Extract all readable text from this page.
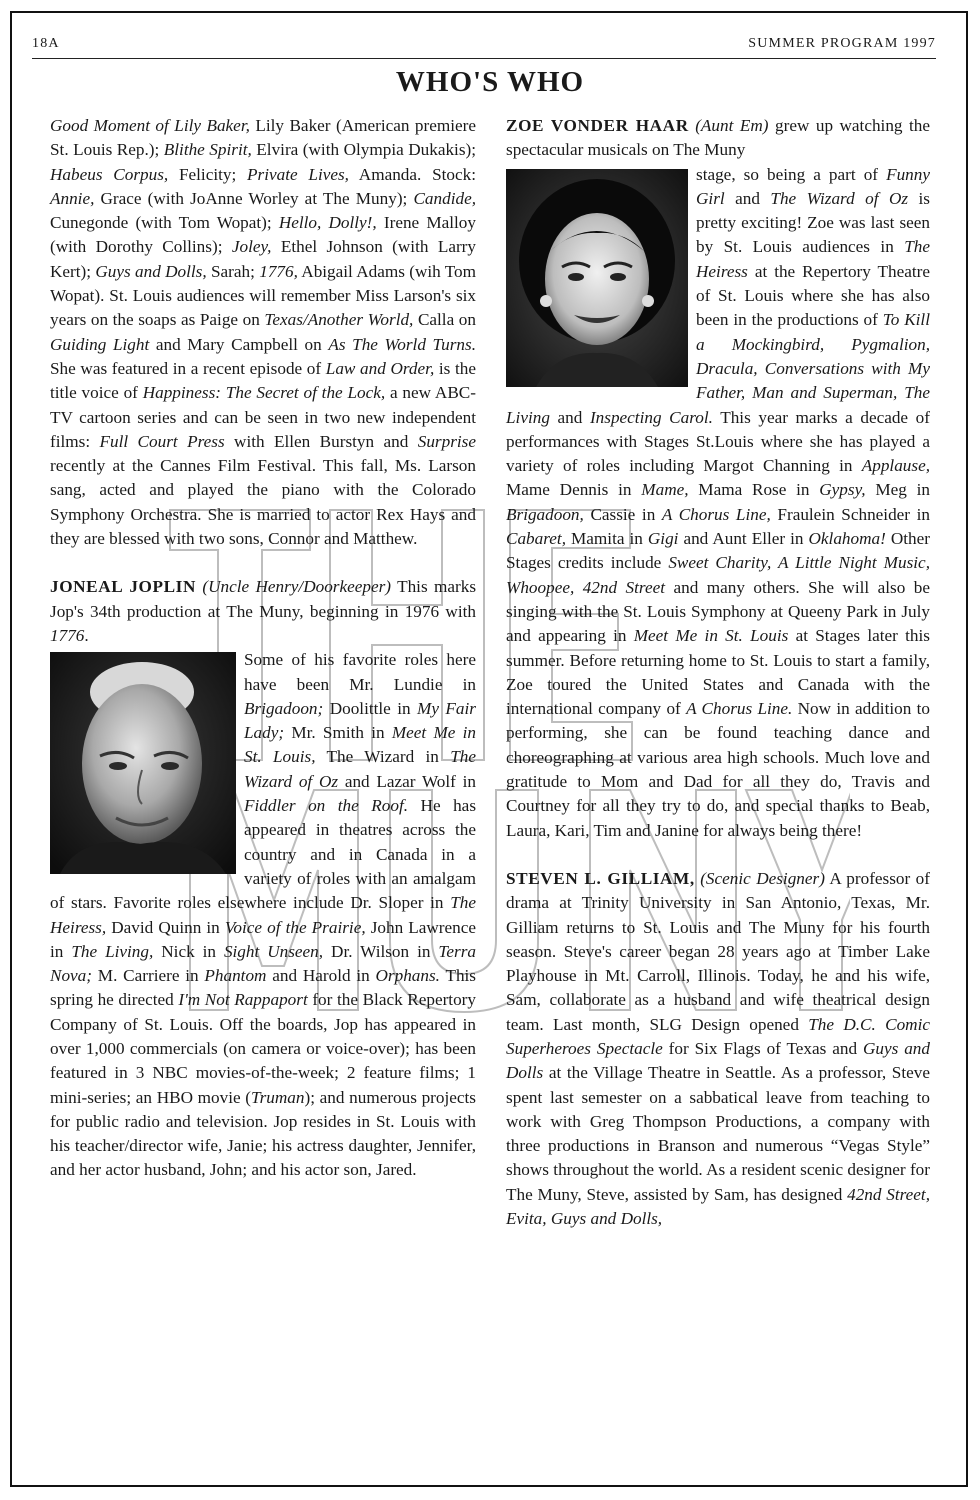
18A	SUMMER PROGRAM 1997
WHO'S WHO

Good Moment of Lily Baker, Lily Baker (American premiere St. Louis Rep.); Blithe Spirit, Elvira (with Olympia Dukakis); Habeus Corpus, Felicity; Private Lives, Amanda. Stock: Annie, Grace (with JoAnne Worley at The Muny); Candide, Cunegonde (with Tom Wopat); Hello, Dolly!, Irene Malloy (with Dorothy Collins); Joley, Ethel Johnson (with Larry Kert); Guys and Dolls, Sarah; 1776, Abigail Adams (wih Tom Wopat). St. Louis audiences will remember Miss Larson's six years on the soaps as Paige on Texas/Another World, Calla on Guiding Light and Mary Campbell on As The World Turns. She was featured in a recent episode of Law and Order, is the title voice of Happiness: The Secret of the Lock, a new ABC-TV cartoon series and can be seen in two new independent films: Full Court Press with Ellen Burstyn and Surprise recently at the Cannes Film Festival. This fall, Ms. Larson sang, acted and played the piano with the Colorado Symphony Orchestra. She is married to actor Rex Hays and they are blessed with two sons, Connor and Matthew.

JONEAL JOPLIN (Uncle Henry/Doorkeeper) This marks Jop's 34th production at The Muny, beginning in 1976 with 1776.

Some of his favorite roles here have been Mr. Lundie in Brigadoon; Doolittle in My Fair Lady; Mr. Smith in Meet Me in St. Louis, The Wizard in The Wizard of Oz and Lazar Wolf in Fiddler on the Roof. He has appeared in theatres across the country and in Canada in a variety of roles with an amalgam of stars. Favorite roles elsewhere include Dr. Sloper in The Heiress, David Quinn in Voice of the Prairie, John Lawrence in The Living, Nick in Sight Unseen, Dr. Wilson in Terra Nova; M. Carriere in Phantom and Harold in Orphans. This spring he directed I'm Not Rappaport for the Black Repertory Company of St. Louis. Off the boards, Jop has appeared in over 1,000 commercials (on camera or voice-over); has been featured in 3 NBC movies-of-the-week; 2 feature films; 1 mini-series; an HBO movie (Truman); and numerous projects for public radio and television. Jop resides in St. Louis with his teacher/director wife, Janie; his actress daughter, Jennifer, and her actor husband, John; and his actor son, Jared.

ZOE VONDER HAAR (Aunt Em) grew up watching the spectacular musicals on The Muny

stage, so being a part of Funny Girl and The Wizard of Oz is pretty exciting! Zoe was last seen by St. Louis audiences in The Heiress at the Repertory Theatre of St. Louis where she has also been in the productions of To Kill a Mockingbird, Pygmalion, Dracula, Conversations with My Father, Man and Superman, The Living and Inspecting Carol. This year marks a decade of performances with Stages St.Louis where she has played a variety of roles including Margot Channing in Applause, Mame Dennis in Mame, Mama Rose in Gypsy, Meg in Brigadoon, Cassie in A Chorus Line, Fraulein Schneider in Cabaret, Mamita in Gigi and Aunt Eller in Oklahoma! Other Stages credits include Sweet Charity, A Little Night Music, Whoopee, 42nd Street and many others. She will also be singing with the St. Louis Symphony at Queeny Park in July and appearing in Meet Me in St. Louis at Stages later this summer. Before returning home to St. Louis to start a family, Zoe toured the United States and Canada with the international company of A Chorus Line. Now in addition to performing, she can be found teaching dance and choreographing at various area high schools. Much love and gratitude to Mom and Dad for all they do, Travis and Courtney for all they try to do, and special thanks to Beab, Laura, Kari, Tim and Janine for always being there!

STEVEN L. GILLIAM, (Scenic Designer) A professor of drama at Trinity University in San Antonio, Texas, Mr. Gilliam returns to St. Louis and The Muny for his fourth season. Steve's career began 28 years ago at Timber Lake Playhouse in Mt. Carroll, Illinois. Today, he and his wife, Sam, collaborate as a husband and wife theatrical design team. Last month, SLG Design opened The D.C. Comic Superheroes Spectacle for Six Flags of Texas and Guys and Dolls at the Village Theatre in Seattle. As a professor, Steve spent last semester on a sabbatical leave from teaching to work with Greg Thompson Productions, a company with three productions in Branson and numerous “Vegas Style” shows throughout the world. As a resident scenic designer for The Muny, Steve, assisted by Sam, has designed 42nd Street, Evita, Guys and Dolls,
